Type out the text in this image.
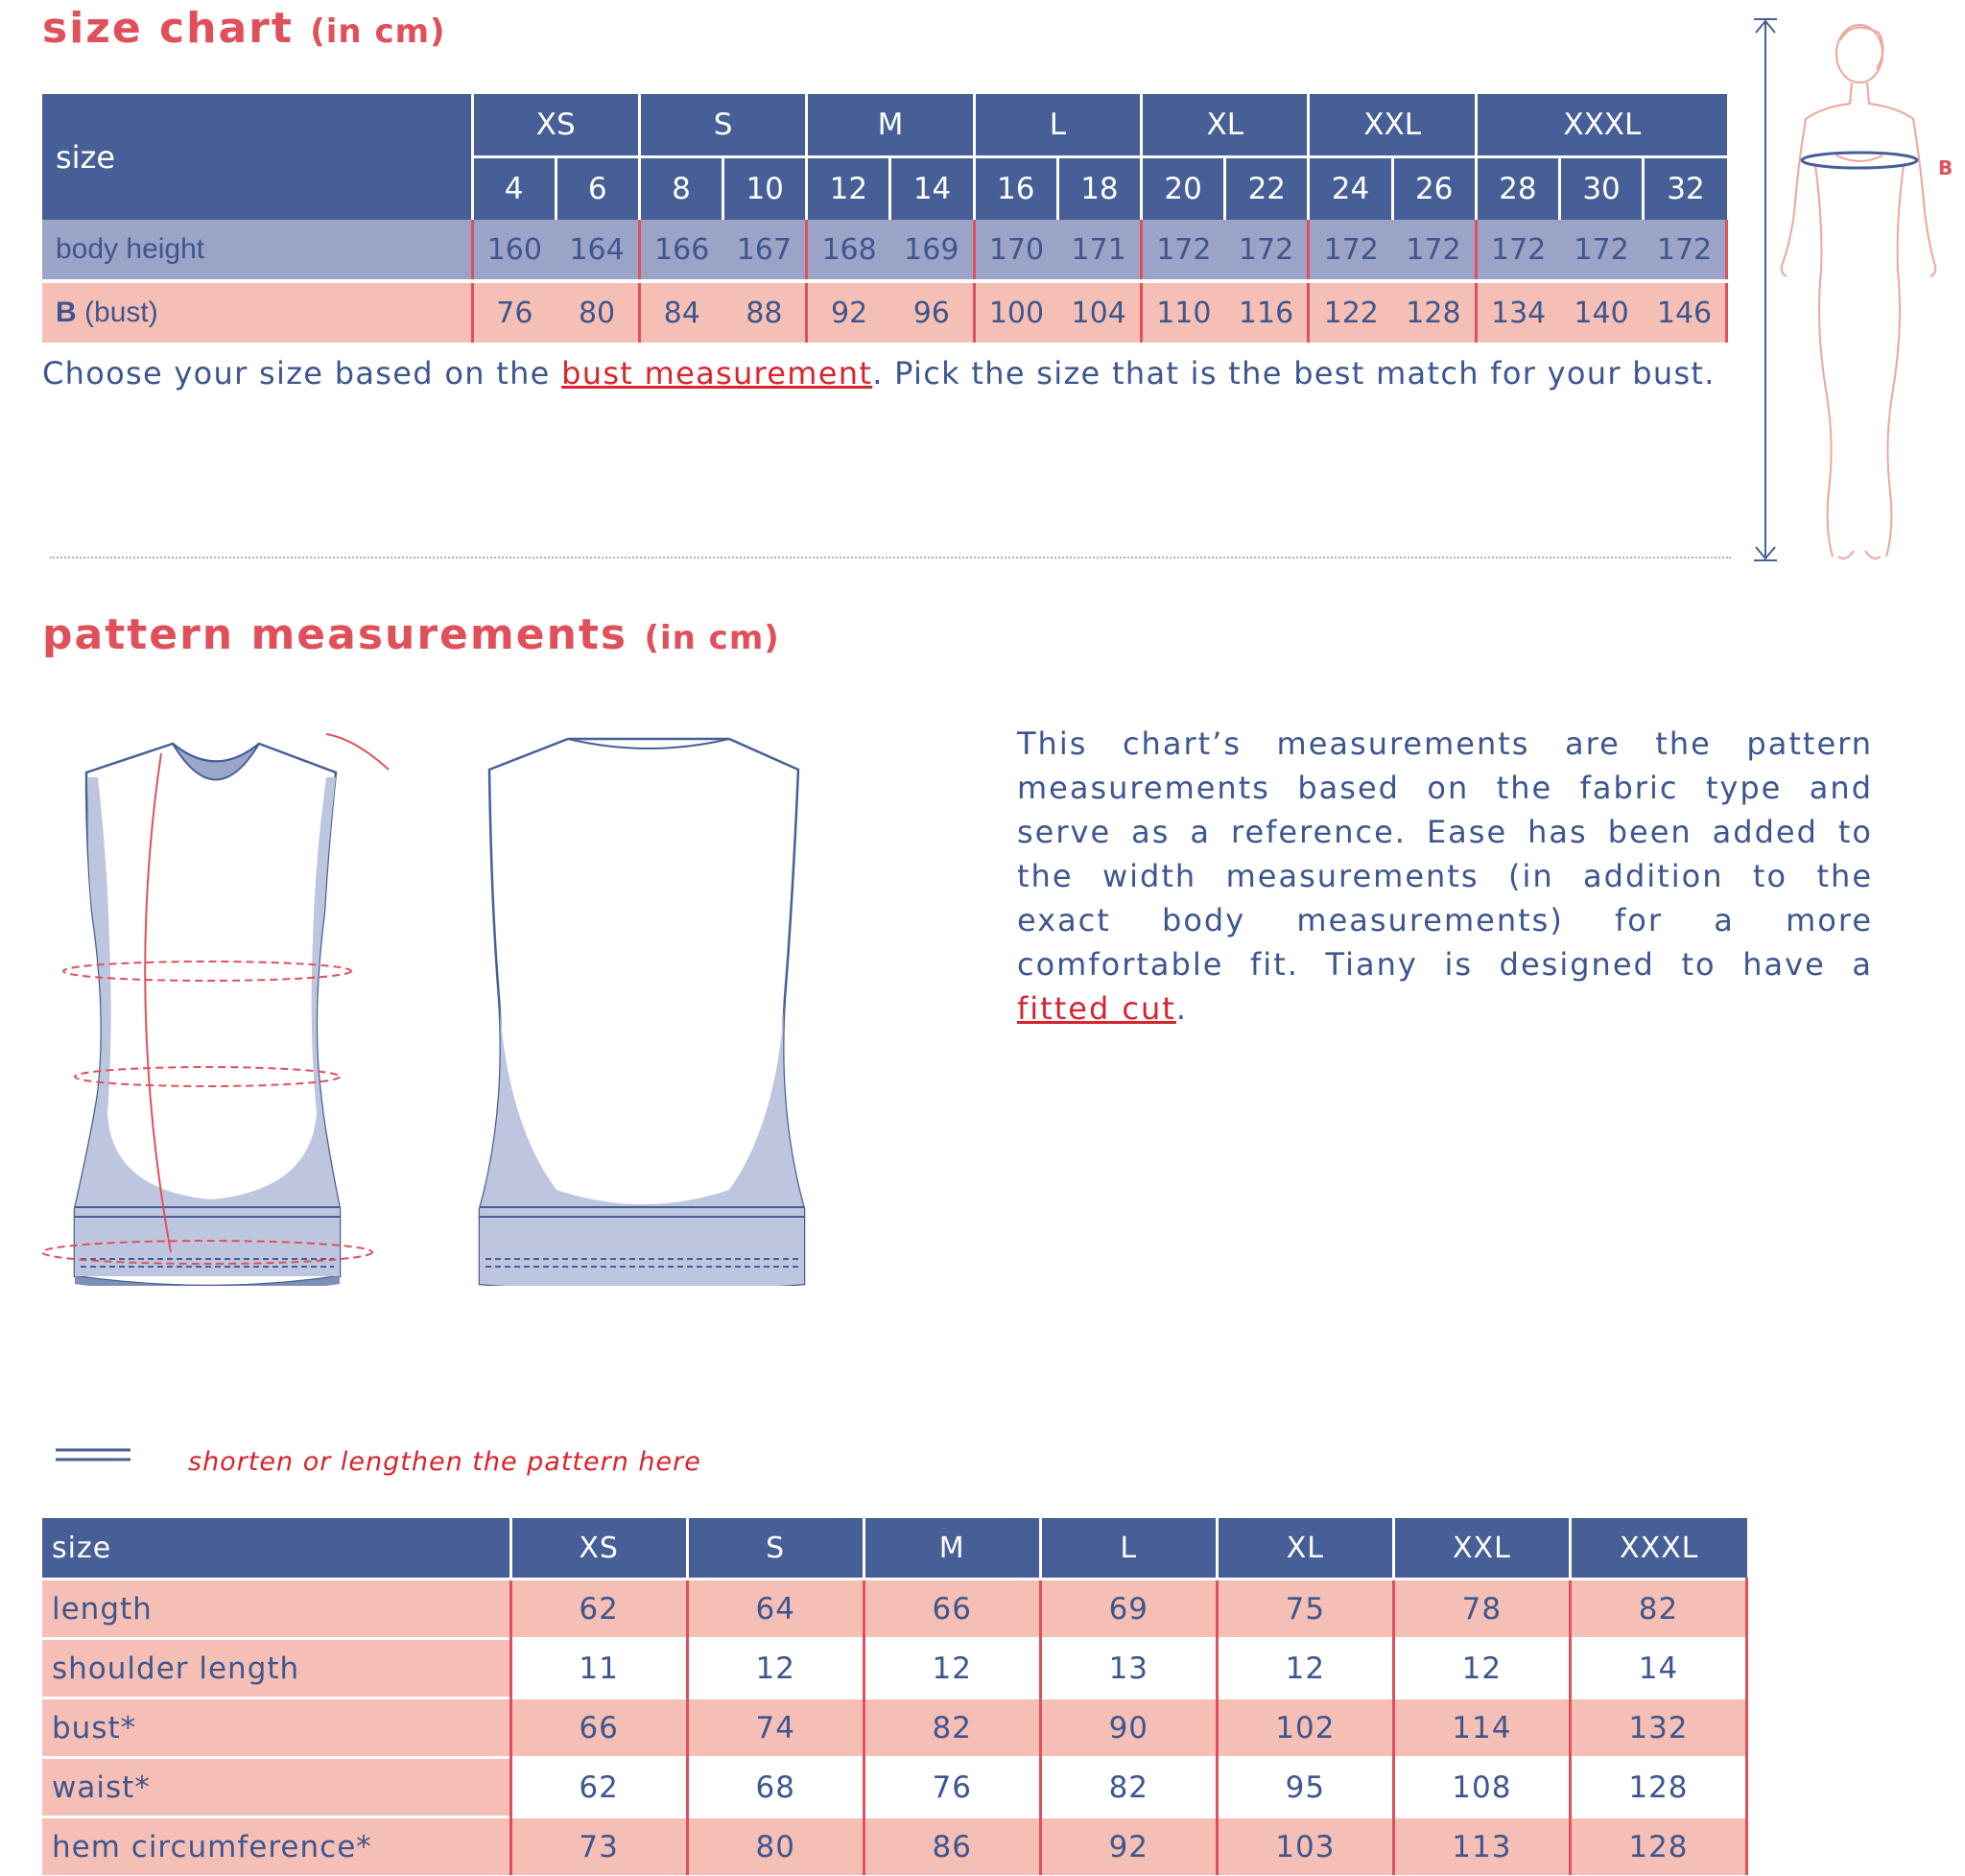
size chart (in cm)
size	XS		S		M		L		XL		XXL		XXXL		
	4	6	8	10	12	14	16	18	20	22	24	26	28	30	32
body height	160	164	166	167	168	169	170	171	172	172	172	172	172	172	172
B (bust)	76	80	84	88	92	96	100	104	110	116	122	128	134	140	146

Choose your size based on the bust measurement. Pick the size that is the best match for your bust.

B
pattern measurements (in cm)

This chart’s measurements are the pattern measurements based on the fabric type and serve as a reference. Ease has been added to the width measurements (in addition to the exact body measurements) for a more comfortable fit. Tiany is designed to have a fitted cut.

shorten or lengthen the pattern here

size	XS	S	M	L	XL	XXL	XXXL
length	62	64	66	69	75	78	82
shoulder length	11	12	12	13	12	12	14
bust*	66	74	82	90	102	114	132
waist*	62	68	76	82	95	108	128
hem circumference*	73	80	86	92	103	113	128
